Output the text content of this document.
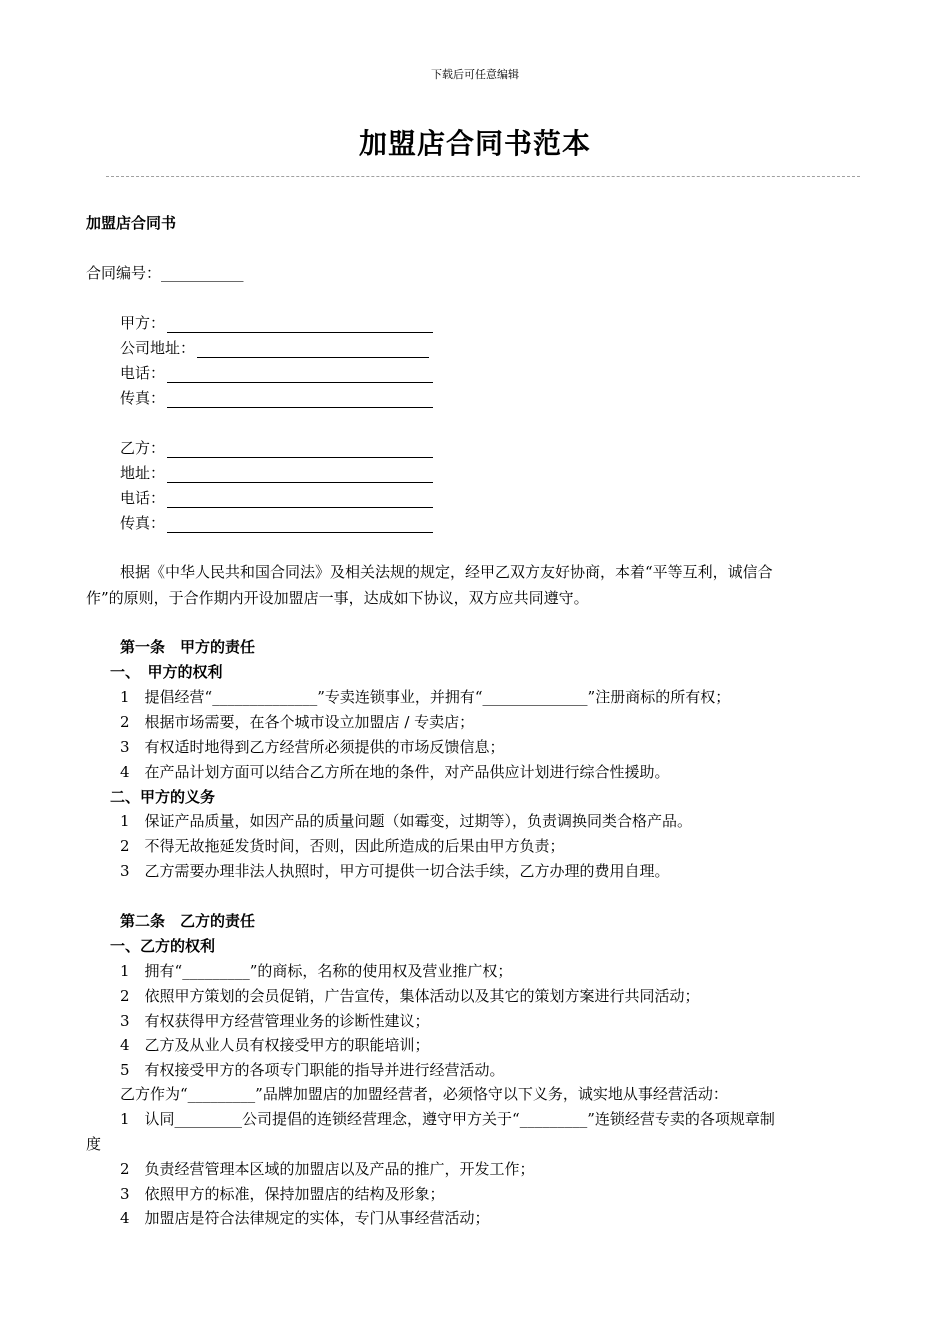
下载后可任意编辑
加盟店合同书范本
加盟店合同书
合同编号：___________
甲方：
公司地址：
电话：
传真：
乙方：
地址：
电话：
传真：
根据《中华人民共和国合同法》及相关法规的规定，经甲乙双方友好协商，本着“平等互利，诚信合
作”的原则，于合作期内开设加盟店一事，达成如下协议，双方应共同遵守。
第一条　甲方的责任
一、　甲方的权利
1　提倡经营“______________”专卖连锁事业，并拥有“______________”注册商标的所有权；
2　根据市场需要，在各个城市设立加盟店 / 专卖店；
3　有权适时地得到乙方经营所必须提供的市场反馈信息；
4　在产品计划方面可以结合乙方所在地的条件，对产品供应计划进行综合性援助。
二、甲方的义务
1　保证产品质量，如因产品的质量问题（如霉变，过期等），负责调换同类合格产品。
2　不得无故拖延发货时间，否则，因此所造成的后果由甲方负责；
3　乙方需要办理非法人执照时，甲方可提供一切合法手续，乙方办理的费用自理。
第二条　乙方的责任
一、乙方的权利
1　拥有“_________”的商标，名称的使用权及营业推广权；
2　依照甲方策划的会员促销，广告宣传，集体活动以及其它的策划方案进行共同活动；
3　有权获得甲方经营管理业务的诊断性建议；
4　乙方及从业人员有权接受甲方的职能培训；
5　有权接受甲方的各项专门职能的指导并进行经营活动。
乙方作为“_________”品牌加盟店的加盟经营者，必须恪守以下义务，诚实地从事经营活动：
1　认同_________公司提倡的连锁经营理念，遵守甲方关于“_________”连锁经营专卖的各项规章制
度
2　负责经营管理本区域的加盟店以及产品的推广，开发工作；
3　依照甲方的标准，保持加盟店的结构及形象；
4　加盟店是符合法律规定的实体，专门从事经营活动；
